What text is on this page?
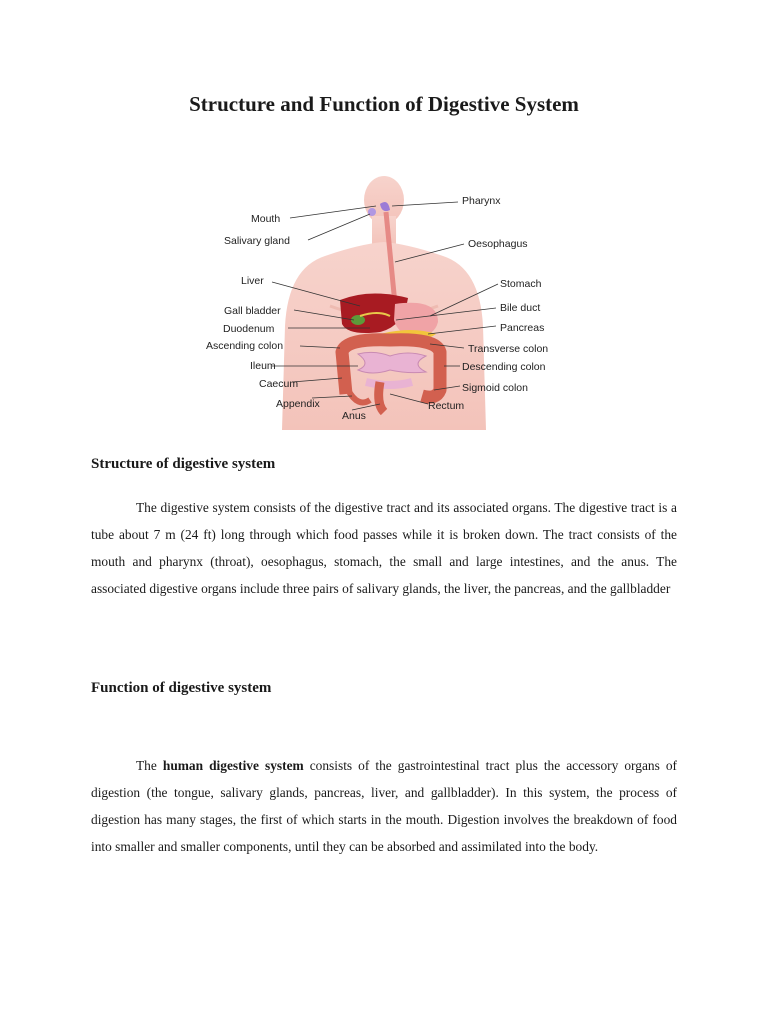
Structure and Function of Digestive System
Mouth
Salivary gland
Liver
Gall bladder
Duodenum
Ascending colon
Ileum
Caecum
Appendix
Anus
Pharynx
Oesophagus
Stomach
Bile duct
Pancreas
Transverse colon
Descending colon
Sigmoid colon
Rectum
Structure of digestive system

The digestive system consists of the digestive tract and its associated organs. The digestive tract is a tube about 7 m (24 ft) long through which food passes while it is broken down. The tract consists of the mouth and pharynx (throat), oesophagus, stomach, the small and large intestines, and the anus. The associated digestive organs include three pairs of salivary glands, the liver, the pancreas, and the gallbladder

Function of digestive system

The human digestive system consists of the gastrointestinal tract plus the accessory organs of digestion (the tongue, salivary glands, pancreas, liver, and gallbladder). In this system, the process of digestion has many stages, the first of which starts in the mouth. Digestion involves the breakdown of food into smaller and smaller components, until they can be absorbed and assimilated into the body.
